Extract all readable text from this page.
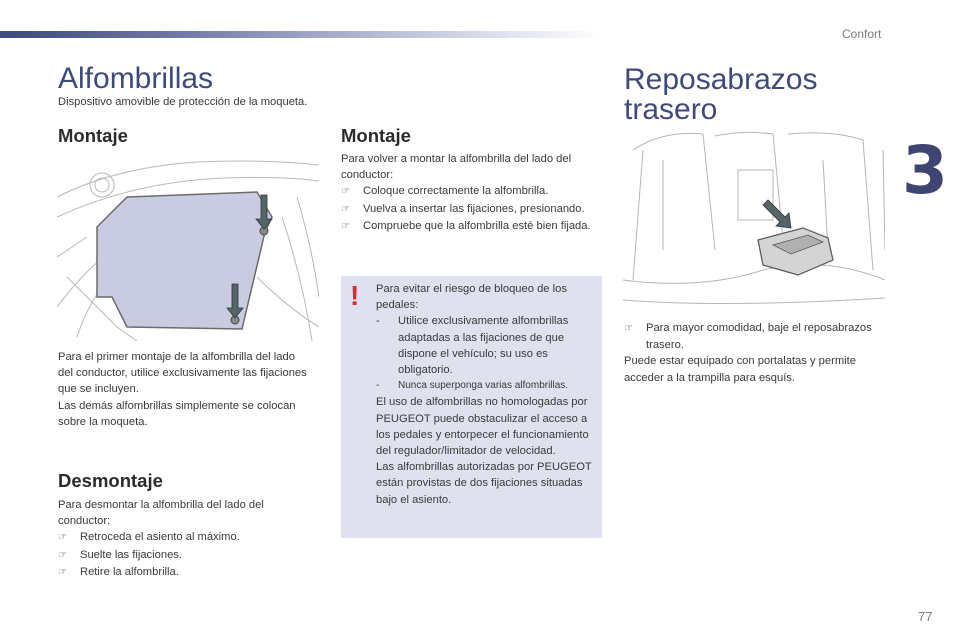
Confort
3
Alfombrillas
Dispositivo amovible de protección de la moqueta.
Montaje

Para el primer montaje de la alfombrilla del lado del conductor, utilice exclusivamente las fijaciones que se incluyen.

Las demás alfombrillas simplemente se colocan sobre la moqueta.

Desmontaje

Para desmontar la alfombrilla del lado del conductor:

☞ Retroceda el asiento al máximo.

☞ Suelte las fijaciones.

☞ Retire la alfombrilla.

Montaje

Para volver a montar la alfombrilla del lado del conductor:

☞ Coloque correctamente la alfombrilla.

☞ Vuelva a insertar las fijaciones, presionando.

☞ Compruebe que la alfombrilla esté bien fijada.

! Para evitar el riesgo de bloqueo de los pedales:

- Utilice exclusivamente alfombrillas adaptadas a las fijaciones de que dispone el vehículo; su uso es obligatorio.

- Nunca superponga varias alfombrillas.

El uso de alfombrillas no homologadas por PEUGEOT puede obstaculizar el acceso a los pedales y entorpecer el funcionamiento del regulador/limitador de velocidad.

Las alfombrillas autorizadas por PEUGEOT están provistas de dos fijaciones situadas bajo el asiento.

Reposabrazos
trasero

☞ Para mayor comodidad, baje el reposabrazos trasero.

Puede estar equipado con portalatas y permite acceder a la trampilla para esquís.

77
